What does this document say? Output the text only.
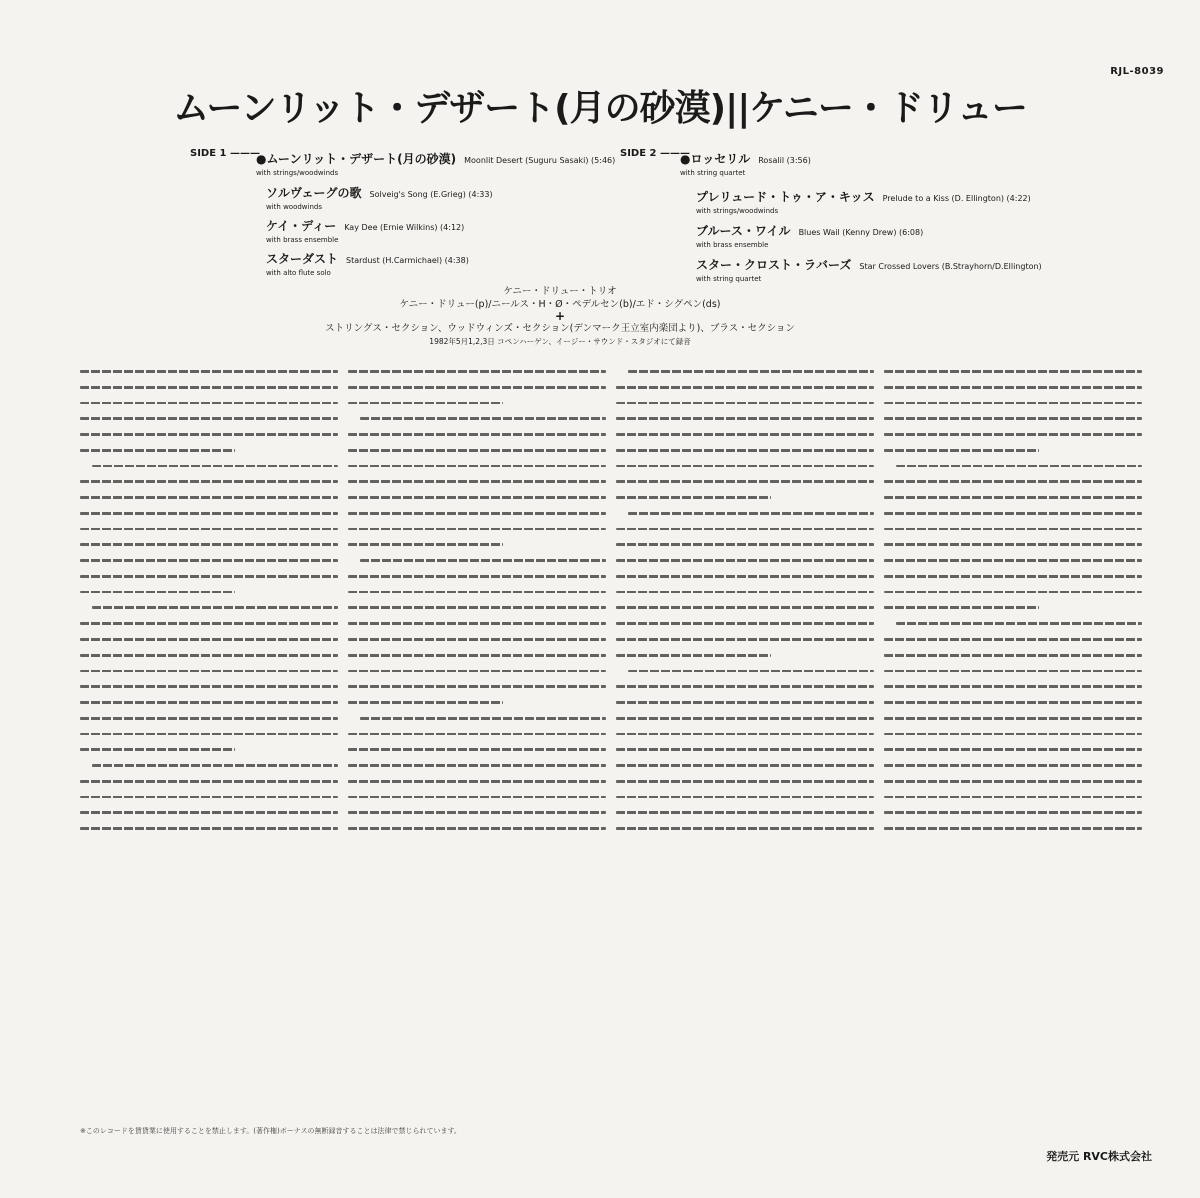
RJL-8039
ムーンリット・デザート(月の砂漠)||ケニー・ドリュー
SIDE 1 ———
●ムーンリット・デザート(月の砂漠) Moonlit Desert (Suguru Sasaki) (5:46)
with strings/woodwinds
ソルヴェーグの歌 Solveig's Song (E.Grieg) (4:33)
with woodwinds
ケイ・ディー Kay Dee (Ernie Wilkins) (4:12)
with brass ensemble
スターダスト Stardust (H.Carmichael) (4:38)
with alto flute solo
SIDE 2 ———
●ロッセリル Rosalil (3:56)
with string quartet
プレリュード・トゥ・ア・キッス Prelude to a Kiss (D. Ellington) (4:22)
with strings/woodwinds
ブルース・ワイル Blues Wail (Kenny Drew) (6:08)
with brass ensemble
スター・クロスト・ラバーズ Star Crossed Lovers (B.Strayhorn/D.Ellington)
with string quartet
ケニー・ドリュー・トリオ
ケニー・ドリュー(p)/ニールス・H・Ø・ペデルセン(b)/エド・シグペン(ds)
+
ストリングス・セクション、ウッドウィンズ・セクション(デンマーク王立室内楽団より)、ブラス・セクション
1982年5月1,2,3日 コペンハーゲン、イージー・サウンド・スタジオにて録音
※このレコードを賃貸業に使用することを禁止します。(著作権)ボーナスの無断録音することは法律で禁じられています。
発売元 RVC株式会社
